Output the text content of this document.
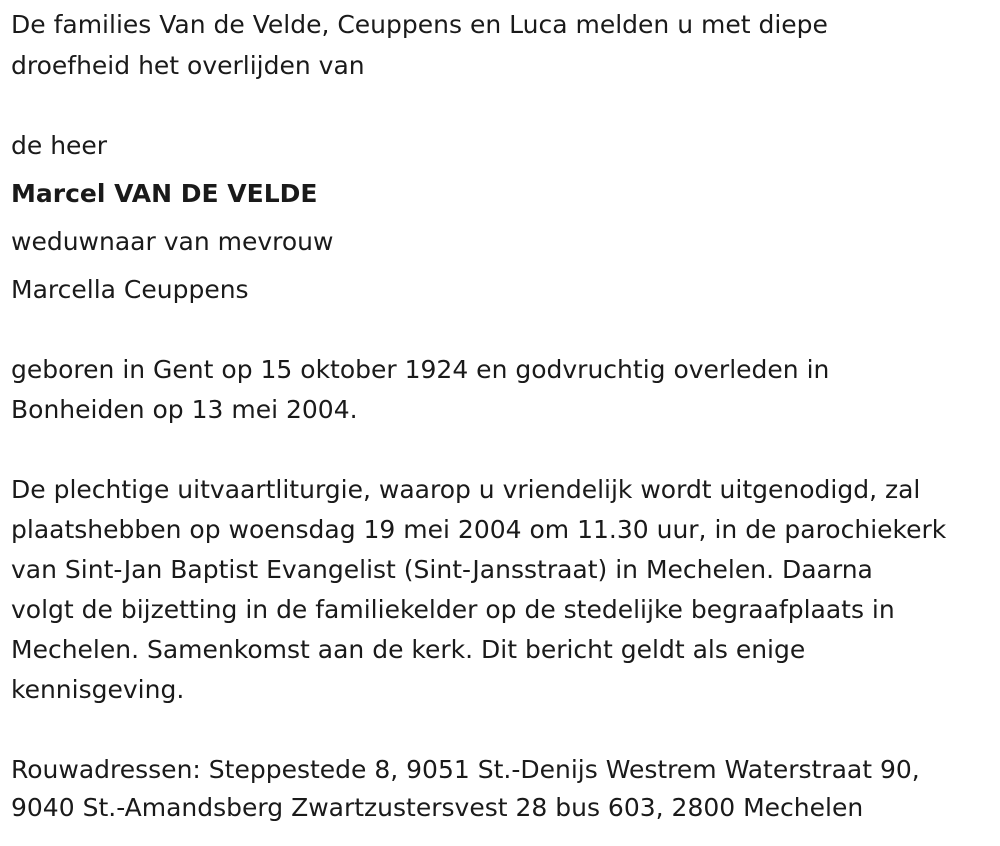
De families Van de Velde, Ceuppens en Luca melden u met diepe
droefheid het overlijden van
de heer
Marcel VAN DE VELDE
weduwnaar van mevrouw
Marcella Ceuppens
geboren in Gent op 15 oktober 1924 en godvruchtig overleden in
Bonheiden op 13 mei 2004.
De plechtige uitvaartliturgie, waarop u vriendelijk wordt uitgenodigd, zal
plaatshebben op woensdag 19 mei 2004 om 11.30 uur, in de parochiekerk
van Sint-Jan Baptist Evangelist (Sint-Jansstraat) in Mechelen. Daarna
volgt de bijzetting in de familiekelder op de stedelijke begraafplaats in
Mechelen. Samenkomst aan de kerk. Dit bericht geldt als enige
kennisgeving.
Rouwadressen: Steppestede 8, 9051 St.-Denijs Westrem Waterstraat 90,
9040 St.-Amandsberg Zwartzustersvest 28 bus 603, 2800 Mechelen
